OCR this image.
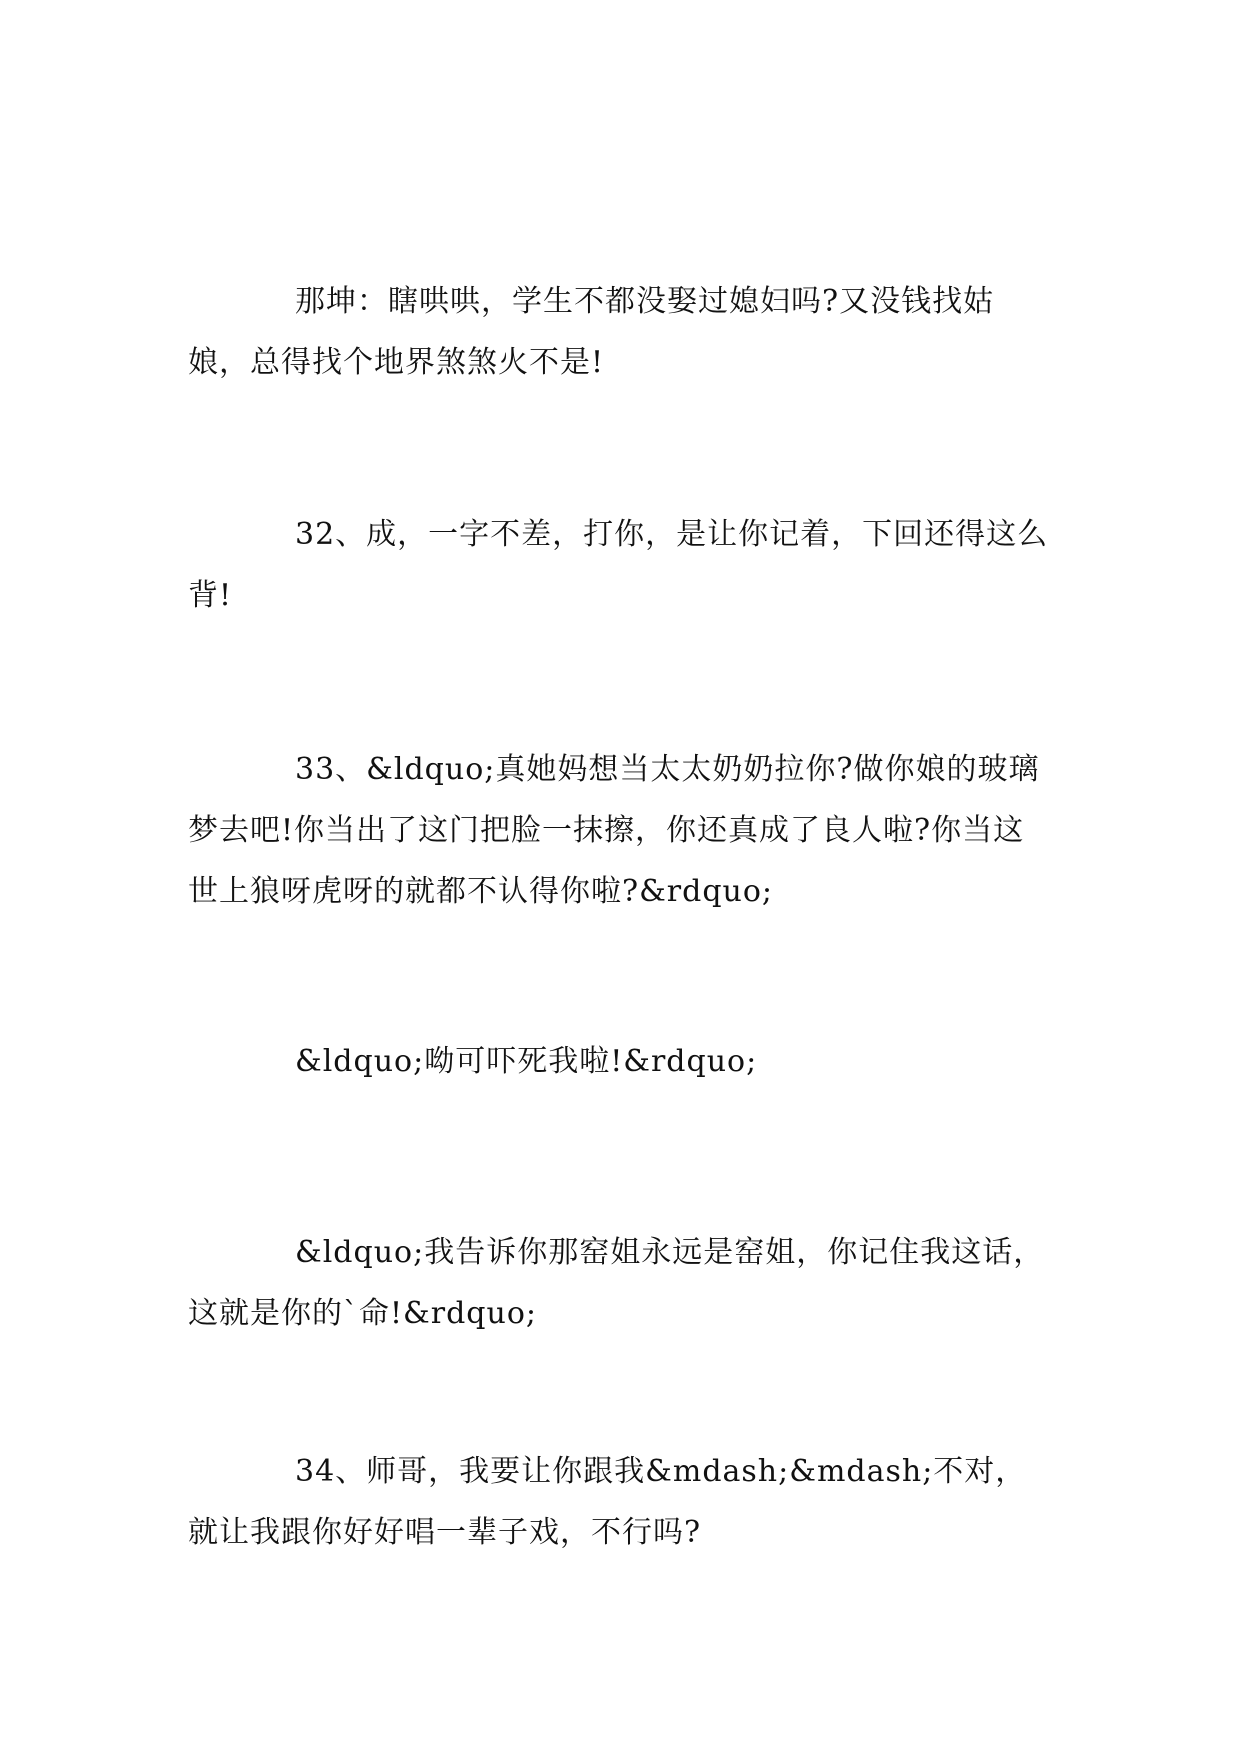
那坤：瞎哄哄，学生不都没娶过媳妇吗?又没钱找姑娘，总得找个地界煞煞火不是!

32、成，一字不差，打你，是让你记着，下回还得这么背!

33、&ldquo;真她妈想当太太奶奶拉你?做你娘的玻璃梦去吧!你当出了这门把脸一抹擦，你还真成了良人啦?你当这世上狼呀虎呀的就都不认得你啦?&rdquo;

&ldquo;呦可吓死我啦!&rdquo;

&ldquo;我告诉你那窑姐永远是窑姐，你记住我这话，这就是你的`命!&rdquo;

34、师哥，我要让你跟我&mdash;&mdash;不对，就让我跟你好好唱一辈子戏，不行吗?
